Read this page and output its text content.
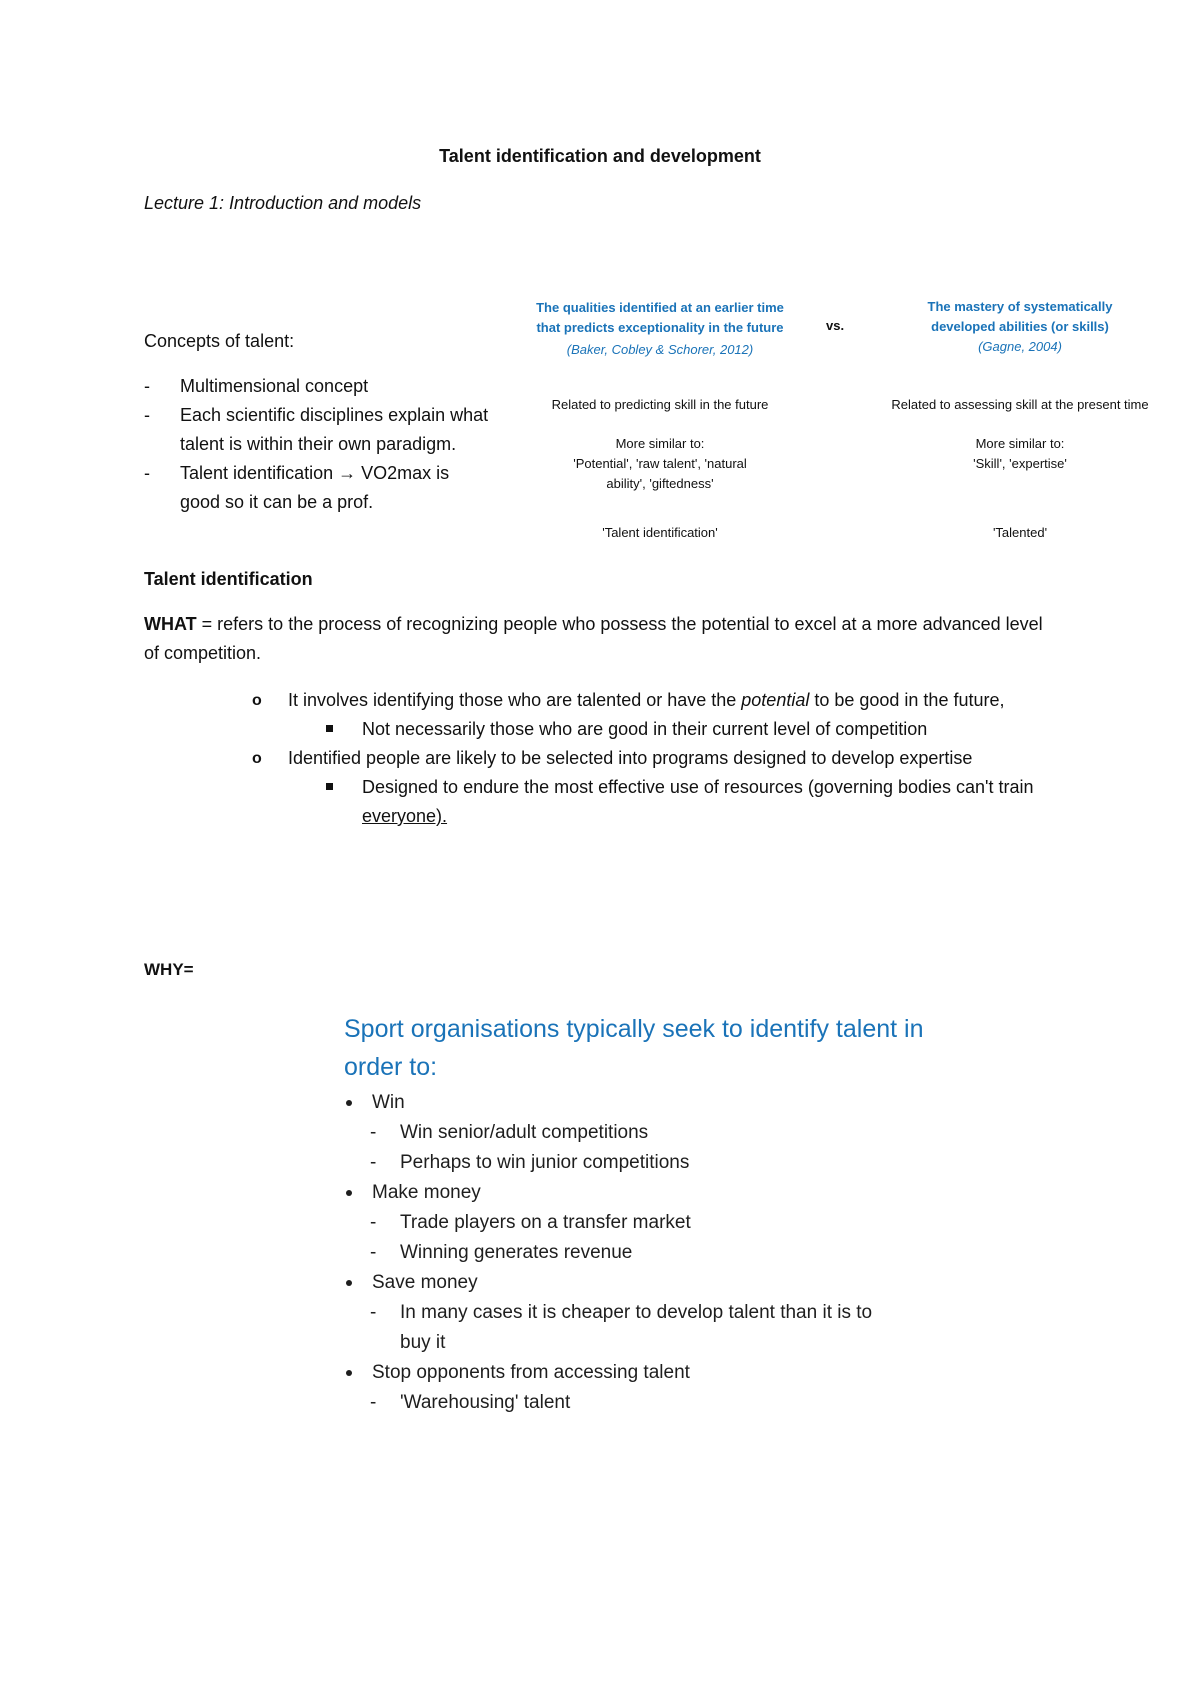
Talent identification and development
Lecture 1: Introduction and models
Concepts of talent:
- Multimensional concept
- Each scientific disciplines explain what talent is within their own paradigm.
- Talent identification → VO2max is good so it can be a prof.
The qualities identified at an earlier time that predicts exceptionality in the future
(Baker, Cobley & Schorer, 2012)
vs.
The mastery of systematically developed abilities (or skills)
(Gagne, 2004)
Related to predicting skill in the future	Related to assessing skill at the present time
More similar to:
'Potential', 'raw talent', 'natural ability', 'giftedness'
More similar to:
'Skill', 'expertise'
'Talent identification'	'Talented'
Talent identification
WHAT = refers to the process of recognizing people who possess the potential to excel at a more advanced level of competition.
o It involves identifying those who are talented or have the potential to be good in the future,
Not necessarily those who are good in their current level of competition
o Identified people are likely to be selected into programs designed to develop expertise
Designed to endure the most effective use of resources (governing bodies can't train everyone).
WHY=
Sport organisations typically seek to identify talent in order to:
Win
- Win senior/adult competitions
- Perhaps to win junior competitions
Make money
- Trade players on a transfer market
- Winning generates revenue
Save money
- In many cases it is cheaper to develop talent than it is to buy it
Stop opponents from accessing talent
- 'Warehousing' talent
